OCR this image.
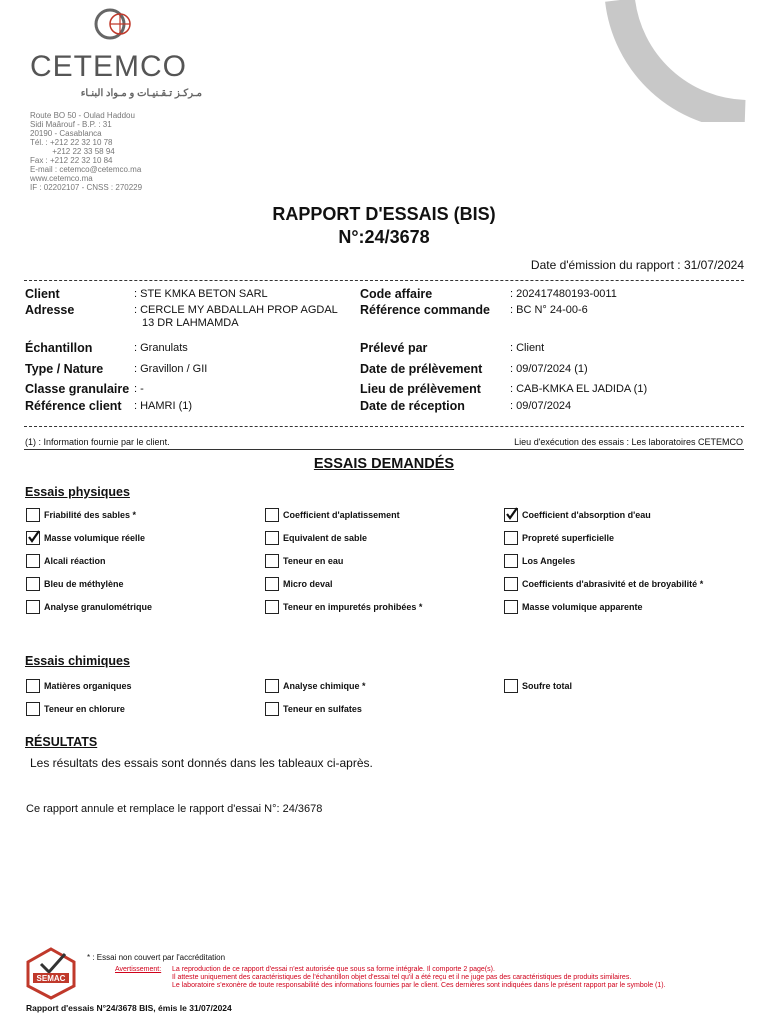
CETEMCO
مـركـز تـقـنيـات و مـواد البنـاء
Route BO 50 - Oulad Haddou
Sidi Maârouf - B.P. : 31
20190 - Casablanca
Tél. : +212 22 32 10 78
+212 22 33 58 94
Fax : +212 22 32 10 84
E-mail : cetemco@cetemco.ma
www.cetemco.ma
IF : 02202107 - CNSS : 270229
RAPPORT D'ESSAIS (BIS)
N°:24/3678
Date d'émission du rapport : 31/07/2024
Client	: STE KMKA BETON SARL
Adresse	: CERCLE MY ABDALLAH PROP AGDAL
13 DR LAHMAMDA
Code affaire	: 202417480193-0011
Référence commande : BC N° 24-00-6
Échantillon	: Granulats	Prélevé par	: Client
Type / Nature	: Gravillon / GII	Date de prélèvement	: 09/07/2024 (1)
Classe granulaire : -	Lieu de prélèvement	: CAB-KMKA EL JADIDA (1)
Référence client : HAMRI (1)	Date de réception	: 09/07/2024
(1) : Information fournie par le client.	Lieu d'exécution des essais : Les laboratoires CETEMCO
ESSAIS DEMANDÉS
Essais physiques
Friabilité des sables *	Coefficient d'aplatissement	Coefficient d'absorption d'eau
Masse volumique réelle	Equivalent de sable	Propreté superficielle
Alcali réaction	Teneur en eau	Los Angeles
Bleu de méthylène	Micro deval	Coefficients d'abrasivité et de broyabilité *
Analyse granulométrique	Teneur en impuretés prohibées *	Masse volumique apparente
Essais chimiques
Matières organiques	Analyse chimique *	Soufre total
Teneur en chlorure	Teneur en sulfates
RÉSULTATS
Les résultats des essais sont donnés dans les tableaux ci-après.
Ce rapport annule et remplace le rapport d'essai N°: 24/3678
SEMAC
* : Essai non couvert par l'accréditation
Avertissement: La reproduction de ce rapport d'essai n'est autorisée que sous sa forme intégrale. Il comporte 2 page(s).
Il atteste uniquement des caractéristiques de l'échantillon objet d'essai tel qu'il a été reçu et il ne juge pas des caractéristiques de produits similaires.
Le laboratoire s'exonère de toute responsabilité des informations fournies par le client. Ces dernières sont indiquées dans le présent rapport par le symbole (1).
Rapport d'essais N°24/3678 BIS, émis le 31/07/2024
